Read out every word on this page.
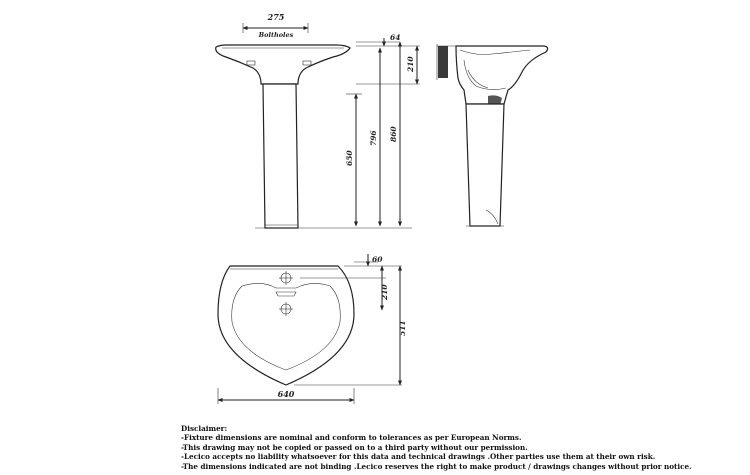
275
Boltholes	64
210
650
796 860
60
210
511
640
Disclaimer:
-Fixture dimensions are nominal and conform to tolerances as per European Norms.
-This drawing may not be copied or passed on to a third party without our permission.
-Lecico accepts no liability whatsoever for this data and technical drawings .Other parties use them at their own risk.
-The dimensions indicated are not binding .Lecico reserves the right to make product / drawings changes without prior notice.
